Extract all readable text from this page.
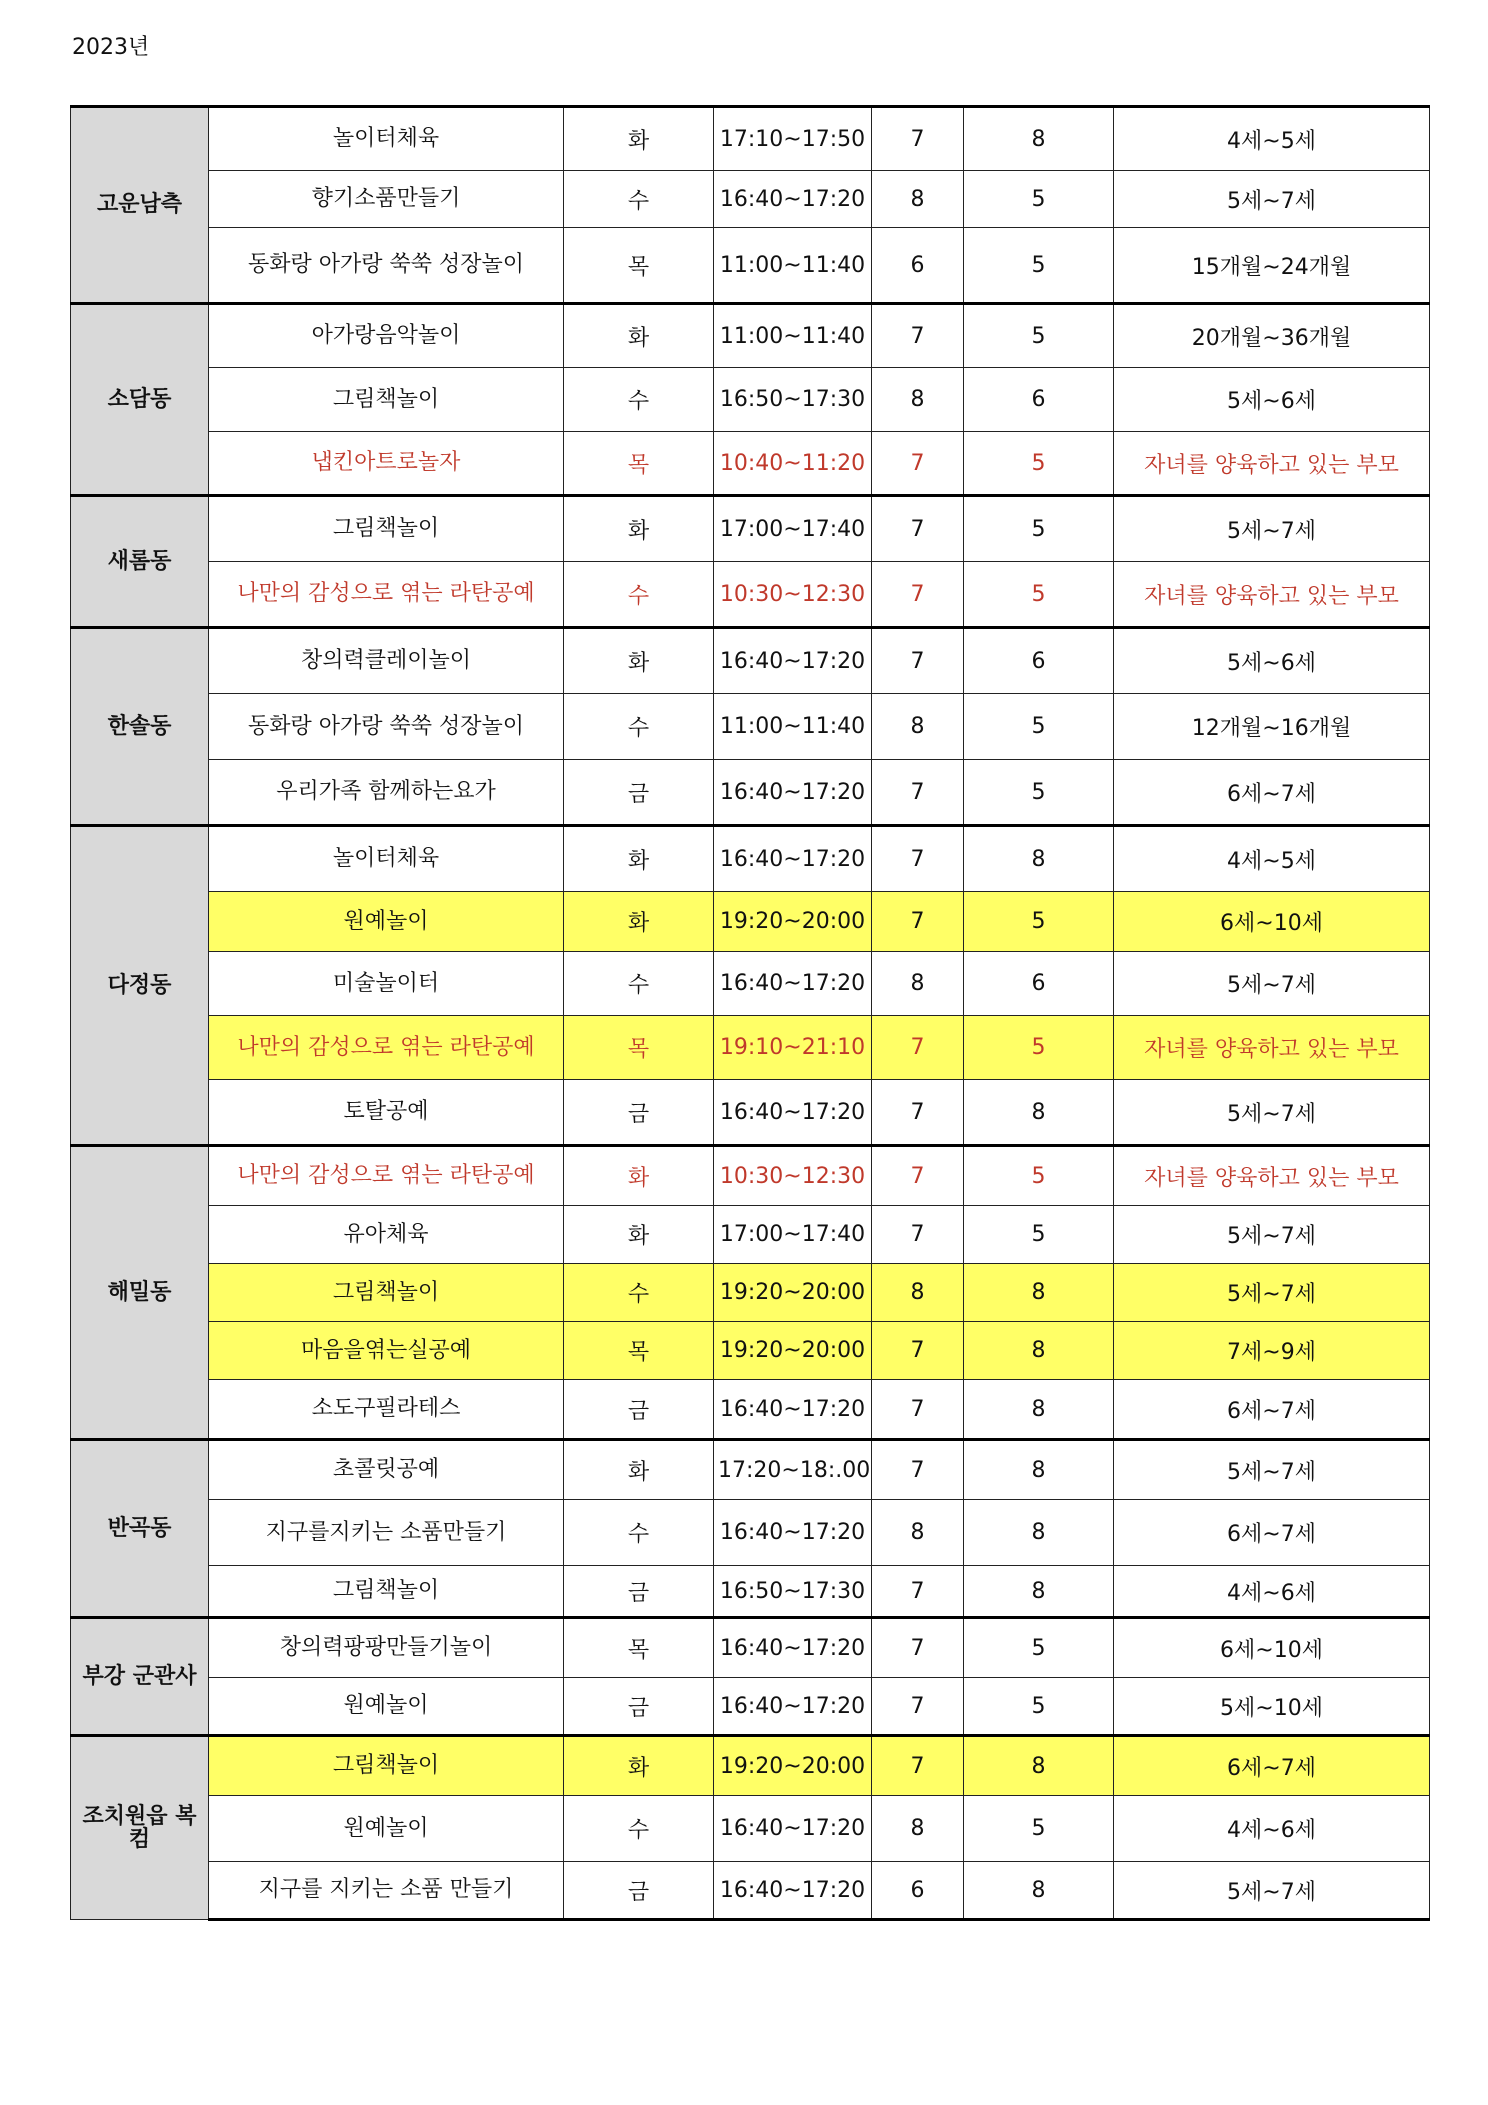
2023년
고운남측	놀이터체육	화	17:10~17:50	7	8	4세~5세
	향기소품만들기	수	16:40~17:20	8	5	5세~7세
	동화랑 아가랑 쑥쑥 성장놀이	목	11:00~11:40	6	5	15개월~24개월
소담동	아가랑음악놀이	화	11:00~11:40	7	5	20개월~36개월
	그림책놀이	수	16:50~17:30	8	6	5세~6세
	냅킨아트로놀자	목	10:40~11:20	7	5	자녀를 양육하고 있는 부모
새롬동	그림책놀이	화	17:00~17:40	7	5	5세~7세
	나만의 감성으로 엮는 라탄공예	수	10:30~12:30	7	5	자녀를 양육하고 있는 부모
한솔동	창의력클레이놀이	화	16:40~17:20	7	6	5세~6세
	동화랑 아가랑 쑥쑥 성장놀이	수	11:00~11:40	8	5	12개월~16개월
	우리가족 함께하는요가	금	16:40~17:20	7	5	6세~7세
다정동	놀이터체육	화	16:40~17:20	7	8	4세~5세
	원예놀이	화	19:20~20:00	7	5	6세~10세
	미술놀이터	수	16:40~17:20	8	6	5세~7세
	나만의 감성으로 엮는 라탄공예	목	19:10~21:10	7	5	자녀를 양육하고 있는 부모
	토탈공예	금	16:40~17:20	7	8	5세~7세
해밀동	나만의 감성으로 엮는 라탄공예	화	10:30~12:30	7	5	자녀를 양육하고 있는 부모
	유아체육	화	17:00~17:40	7	5	5세~7세
	그림책놀이	수	19:20~20:00	8	8	5세~7세
	마음을엮는실공예	목	19:20~20:00	7	8	7세~9세
	소도구필라테스	금	16:40~17:20	7	8	6세~7세
반곡동	초콜릿공예	화	17:20~18:.00	7	8	5세~7세
	지구를지키는 소품만들기	수	16:40~17:20	8	8	6세~7세
	그림책놀이	금	16:50~17:30	7	8	4세~6세
부강 군관사	창의력팡팡만들기놀이	목	16:40~17:20	7	5	6세~10세
	원예놀이	금	16:40~17:20	7	5	5세~10세
조치원읍 복컴	그림책놀이	화	19:20~20:00	7	8	6세~7세
	원예놀이	수	16:40~17:20	8	5	4세~6세
	지구를 지키는 소품 만들기	금	16:40~17:20	6	8	5세~7세
